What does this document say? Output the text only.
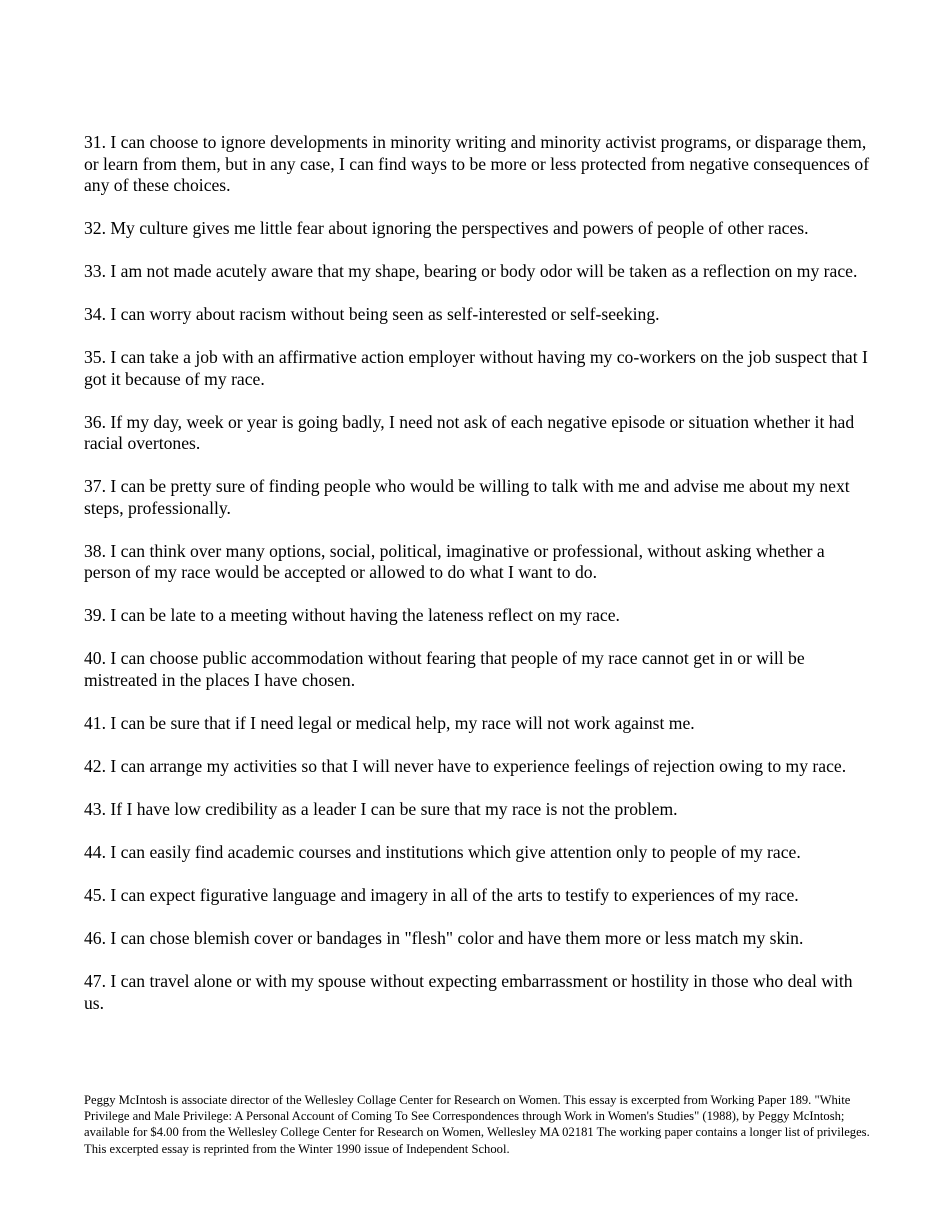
31. I can choose to ignore developments in minority writing and minority activist programs, or disparage them, or learn from them, but in any case, I can find ways to be more or less protected from negative consequences of any of these choices.

32. My culture gives me little fear about ignoring the perspectives and powers of people of other races.

33. I am not made acutely aware that my shape, bearing or body odor will be taken as a reflection on my race.

34. I can worry about racism without being seen as self-interested or self-seeking.

35. I can take a job with an affirmative action employer without having my co-workers on the job suspect that I got it because of my race.

36. If my day, week or year is going badly, I need not ask of each negative episode or situation whether it had racial overtones.

37. I can be pretty sure of finding people who would be willing to talk with me and advise me about my next steps, professionally.

38. I can think over many options, social, political, imaginative or professional, without asking whether a person of my race would be accepted or allowed to do what I want to do.

39. I can be late to a meeting without having the lateness reflect on my race.

40. I can choose public accommodation without fearing that people of my race cannot get in or will be mistreated in the places I have chosen.

41. I can be sure that if I need legal or medical help, my race will not work against me.

42. I can arrange my activities so that I will never have to experience feelings of rejection owing to my race.

43. If I have low credibility as a leader I can be sure that my race is not the problem.

44. I can easily find academic courses and institutions which give attention only to people of my race.

45. I can expect figurative language and imagery in all of the arts to testify to experiences of my race.

46. I can chose blemish cover or bandages in "flesh" color and have them more or less match my skin.

47. I can travel alone or with my spouse without expecting embarrassment or hostility in those who deal with us.

Peggy McIntosh is associate director of the Wellesley Collage Center for Research on Women. This essay is excerpted from Working Paper 189. "White Privilege and Male Privilege: A Personal Account of Coming To See Correspondences through Work in Women's Studies" (1988), by Peggy McIntosh; available for $4.00 from the Wellesley College Center for Research on Women, Wellesley MA 02181 The working paper contains a longer list of privileges. This excerpted essay is reprinted from the Winter 1990 issue of Independent School.
